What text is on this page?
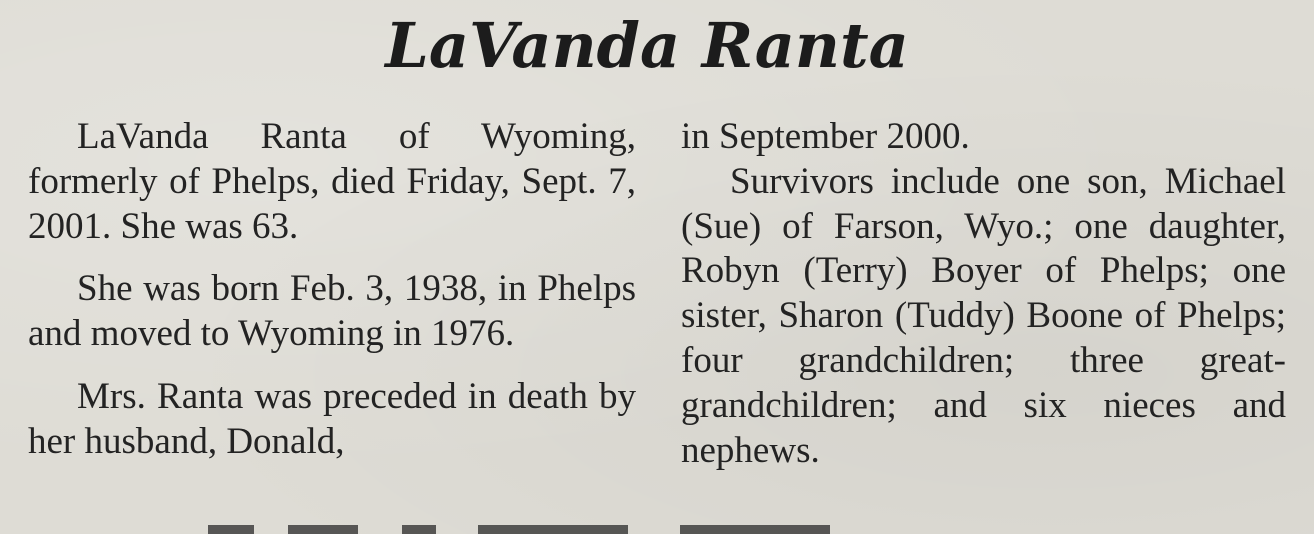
LaVanda Ranta

LaVanda Ranta of Wyoming, formerly of Phelps, died Friday, Sept. 7, 2001. She was 63.

She was born Feb. 3, 1938, in Phelps and moved to Wyoming in 1976.

Mrs. Ranta was preceded in death by her husband, Donald,

in September 2000.

Survivors include one son, Michael (Sue) of Farson, Wyo.; one daughter, Robyn (Terry) Boyer of Phelps; one sister, Sharon (Tuddy) Boone of Phelps; four grandchildren; three great-grandchildren; and six nieces and nephews.
